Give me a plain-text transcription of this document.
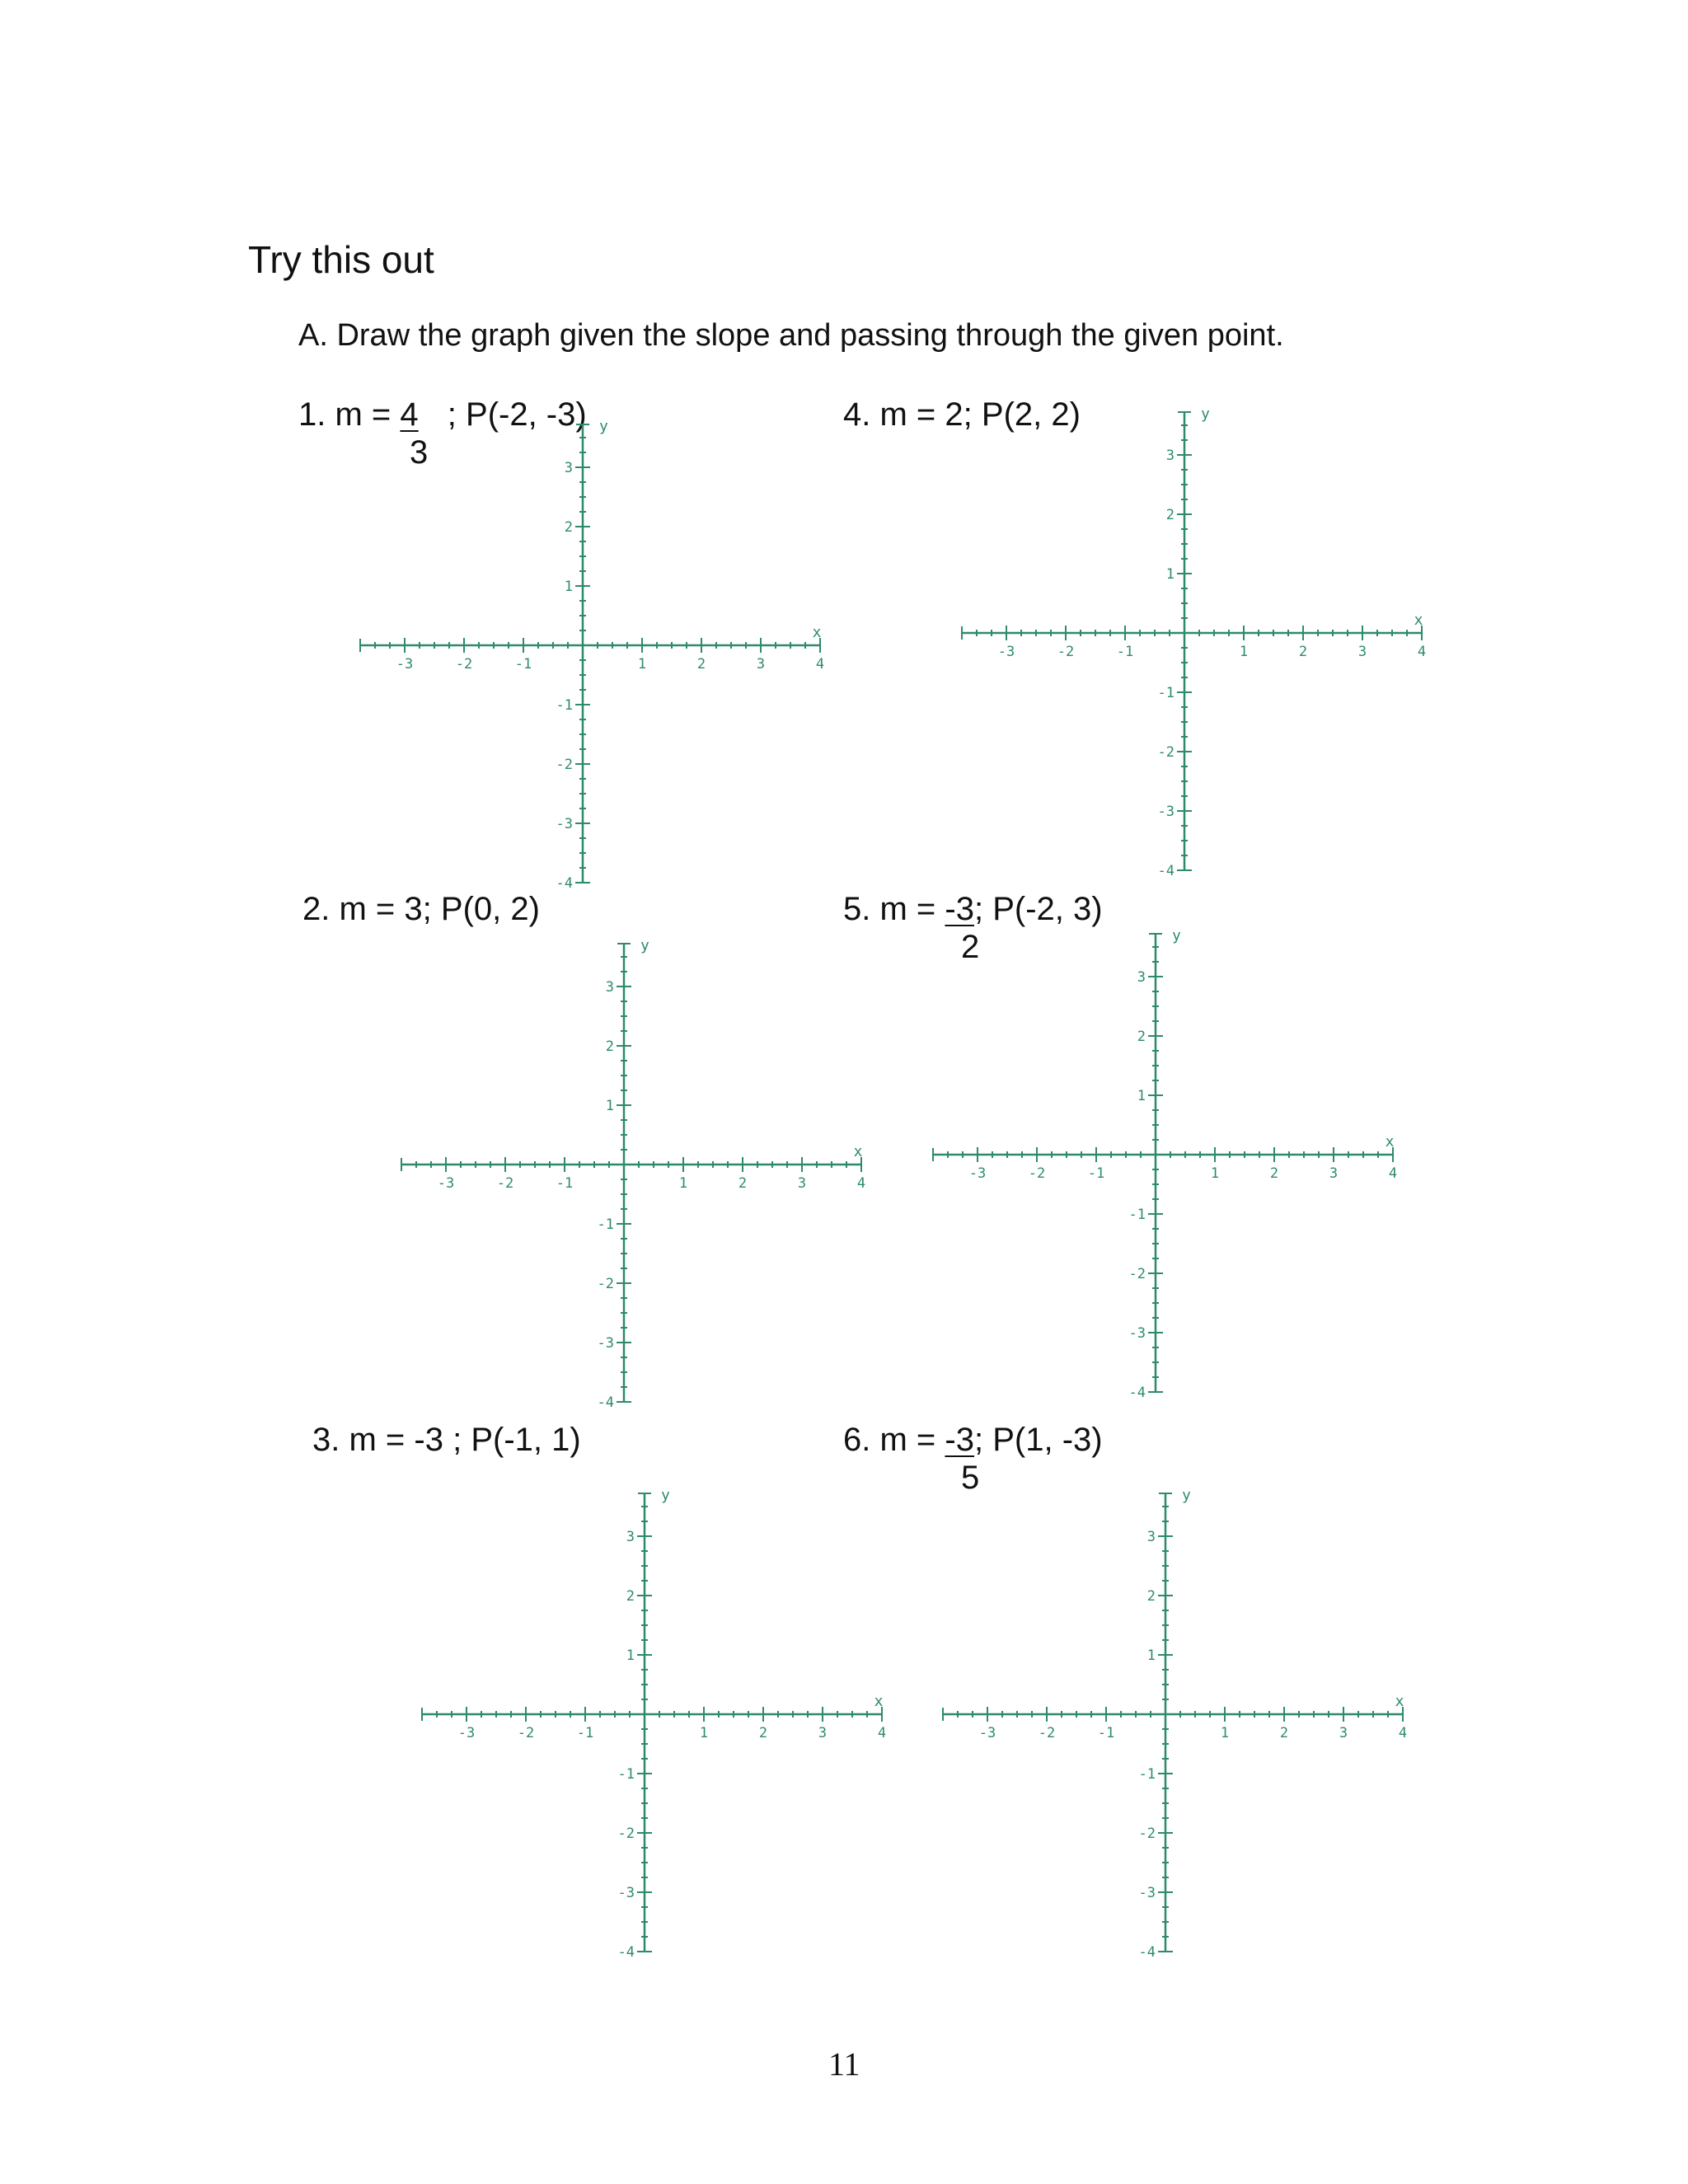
Try this out
A. Draw the graph given the slope and passing through the given point.
1. m = 4 ; P(-2, -3)
3
4. m = 2; P(2, 2)
2. m = 3; P(0, 2)	5. m = -3; P(-2, 3)
2
3. m = -3 ; P(-1, 1)	6. m = -3; P(1, -3)
5
-3	-2	-1	1	2	3	4
3
2
1
-1
-2
-3
-4
x
y
-3	-2	-1	1	2	3	4
3
2
1
-1
-2
-3
-4
x
y
-3	-2	-1	1	2	3	4
3
2
1
-1
-2
-3
-4
x
y
-3	-2	-1	1	2	3	4
3
2
1
-1
-2
-3
-4
x
y
-3	-2	-1	1	2	3	4
3
2
1
-1
-2
-3
-4
x
y
-3	-2	-1	1	2	3	4
3
2
1
-1
-2
-3
-4
x
y
11
